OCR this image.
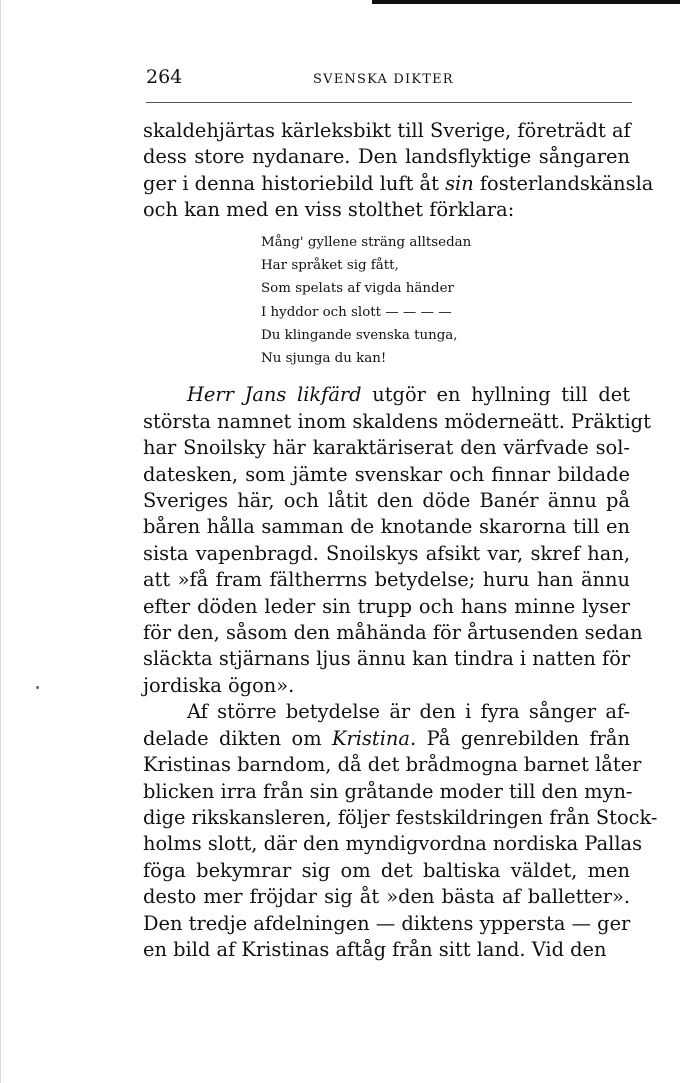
264	SVENSKA DIKTER
skaldehjärtas kärleksbikt till Sverige, företrädt af
dess store nydanare. Den landsflyktige sångaren
ger i denna historiebild luft åt sin fosterlandskänsla
och kan med en viss stolthet förklara:
Mång' gyllene sträng alltsedan
Har språket sig fått,
Som spelats af vigda händer
I hyddor och slott — — — —
Du klingande svenska tunga,
Nu sjunga du kan!
Herr Jans likfärd utgör en hyllning till det
största namnet inom skaldens möderneätt. Präktigt
har Snoilsky här karaktäriserat den värfvade sol-
datesken, som jämte svenskar och finnar bildade
Sveriges här, och låtit den döde Banér ännu på
båren hålla samman de knotande skarorna till en
sista vapenbragd. Snoilskys afsikt var, skref han,
att »få fram fältherrns betydelse; huru han ännu
efter döden leder sin trupp och hans minne lyser
för den, såsom den måhända för årtusenden sedan
släckta stjärnans ljus ännu kan tindra i natten för
jordiska ögon».
Af större betydelse är den i fyra sånger af-
delade dikten om Kristina. På genrebilden från
Kristinas barndom, då det brådmogna barnet låter
blicken irra från sin gråtande moder till den myn-
dige rikskansleren, följer festskildringen från Stock-
holms slott, där den myndigvordna nordiska Pallas
föga bekymrar sig om det baltiska väldet, men
desto mer fröjdar sig åt »den bästa af balletter».
Den tredje afdelningen — diktens yppersta — ger
en bild af Kristinas aftåg från sitt land. Vid den
